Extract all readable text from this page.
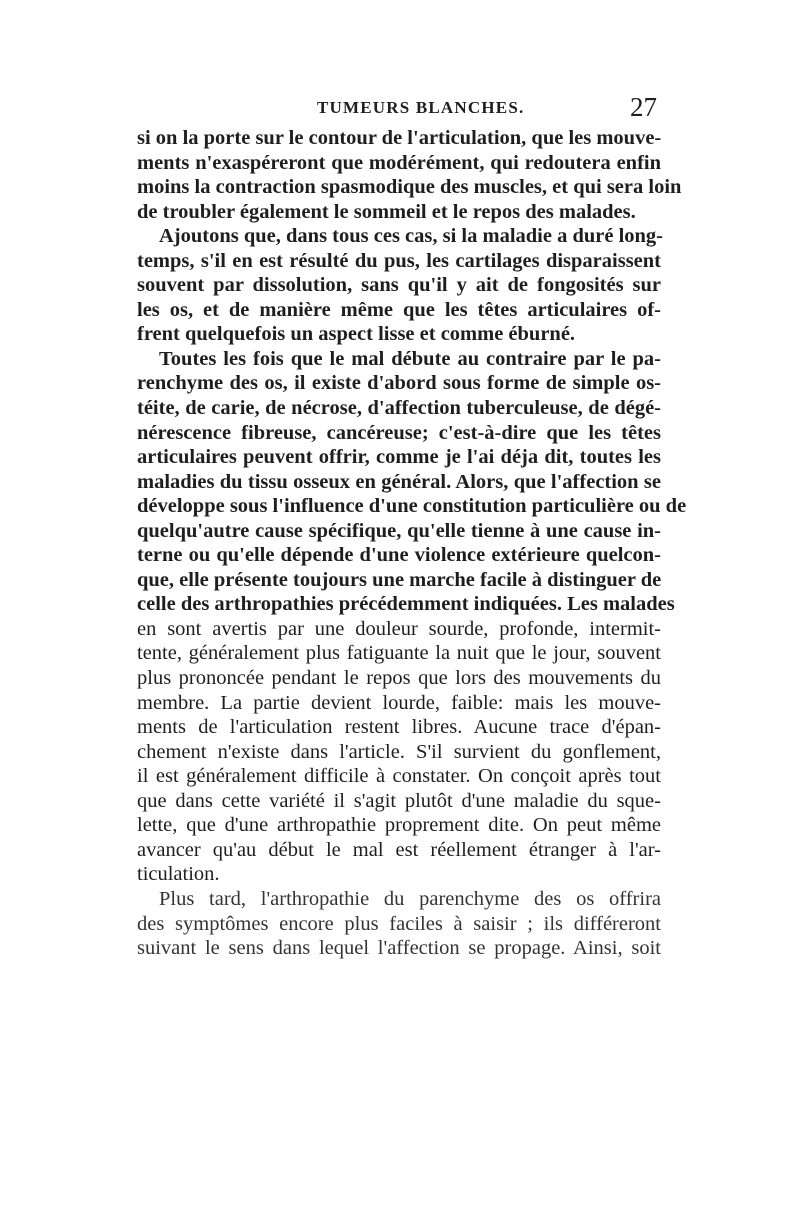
TUMEURS BLANCHES.	27
si on la porte sur le contour de l'articulation, que les mouve-
ments n'exaspéreront que modérément, qui redoutera enfin
moins la contraction spasmodique des muscles, et qui sera loin
de troubler également le sommeil et le repos des malades.
Ajoutons que, dans tous ces cas, si la maladie a duré long-
temps, s'il en est résulté du pus, les cartilages disparaissent
souvent par dissolution, sans qu'il y ait de fongosités sur
les os, et de manière même que les têtes articulaires of-
frent quelquefois un aspect lisse et comme éburné.
Toutes les fois que le mal débute au contraire par le pa-
renchyme des os, il existe d'abord sous forme de simple os-
téite, de carie, de nécrose, d'affection tuberculeuse, de dégé-
nérescence fibreuse, cancéreuse; c'est-à-dire que les têtes
articulaires peuvent offrir, comme je l'ai déja dit, toutes les
maladies du tissu osseux en général. Alors, que l'affection se
développe sous l'influence d'une constitution particulière ou de
quelqu'autre cause spécifique, qu'elle tienne à une cause in-
terne ou qu'elle dépende d'une violence extérieure quelcon-
que, elle présente toujours une marche facile à distinguer de
celle des arthropathies précédemment indiquées. Les malades
en sont avertis par une douleur sourde, profonde, intermit-
tente, généralement plus fatiguante la nuit que le jour, souvent
plus prononcée pendant le repos que lors des mouvements du
membre. La partie devient lourde, faible: mais les mouve-
ments de l'articulation restent libres. Aucune trace d'épan-
chement n'existe dans l'article. S'il survient du gonflement,
il est généralement difficile à constater. On conçoit après tout
que dans cette variété il s'agit plutôt d'une maladie du sque-
lette, que d'une arthropathie proprement dite. On peut même
avancer qu'au début le mal est réellement étranger à l'ar-
ticulation.
Plus tard, l'arthropathie du parenchyme des os offrira
des symptômes encore plus faciles à saisir ; ils différeront
suivant le sens dans lequel l'affection se propage. Ainsi, soit
